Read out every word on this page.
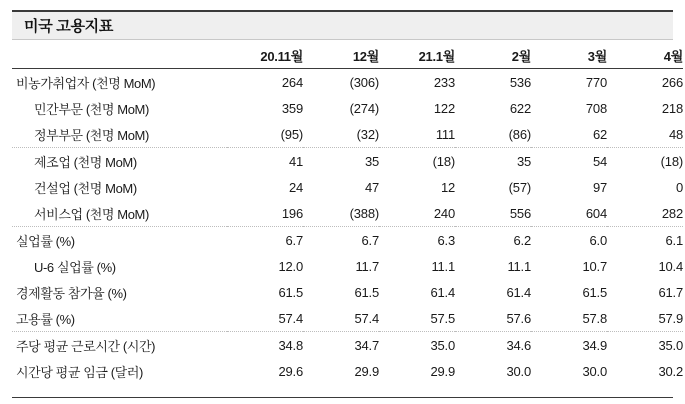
미국 고용지표
	20.11월	12월	21.1월	2월	3월	4월
비농가취업자 (천명 MoM)	264	(306)	233	536	770	266
민간부문 (천명 MoM)	359	(274)	122	622	708	218
정부부문 (천명 MoM)	(95)	(32)	111	(86)	62	48
제조업 (천명 MoM)	41	35	(18)	35	54	(18)
건설업 (천명 MoM)	24	47	12	(57)	97	0
서비스업 (천명 MoM)	196	(388)	240	556	604	282
실업률 (%)	6.7	6.7	6.3	6.2	6.0	6.1
U-6 실업률 (%)	12.0	11.7	11.1	11.1	10.7	10.4
경제활동 참가율 (%)	61.5	61.5	61.4	61.4	61.5	61.7
고용률 (%)	57.4	57.4	57.5	57.6	57.8	57.9
주당 평균 근로시간 (시간)	34.8	34.7	35.0	34.6	34.9	35.0
시간당 평균 임금 (달러)	29.6	29.9	29.9	30.0	30.0	30.2
